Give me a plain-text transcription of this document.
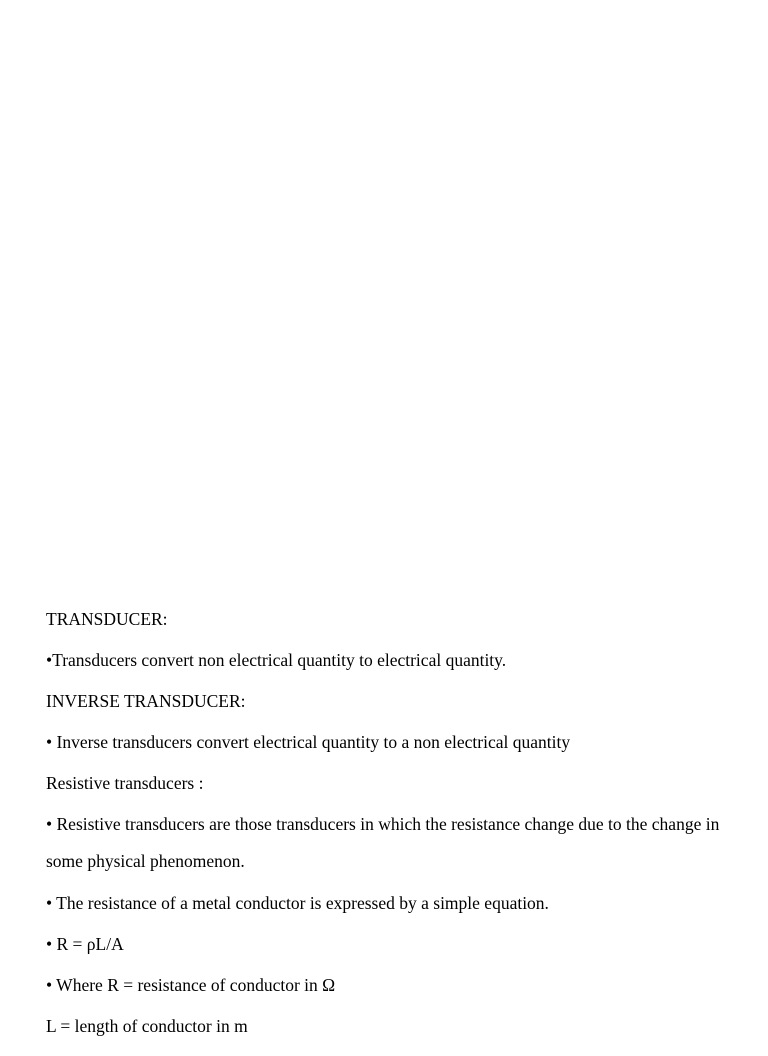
TRANSDUCER:
•Transducers convert non electrical quantity to electrical quantity.
INVERSE TRANSDUCER:
• Inverse transducers convert electrical quantity to a non electrical quantity
Resistive transducers :
• Resistive transducers are those transducers in which the resistance change due to the change in some physical phenomenon.
• The resistance of a metal conductor is expressed by a simple equation.
• R = ρL/A
• Where R = resistance of conductor in Ω
L = length of conductor in m
